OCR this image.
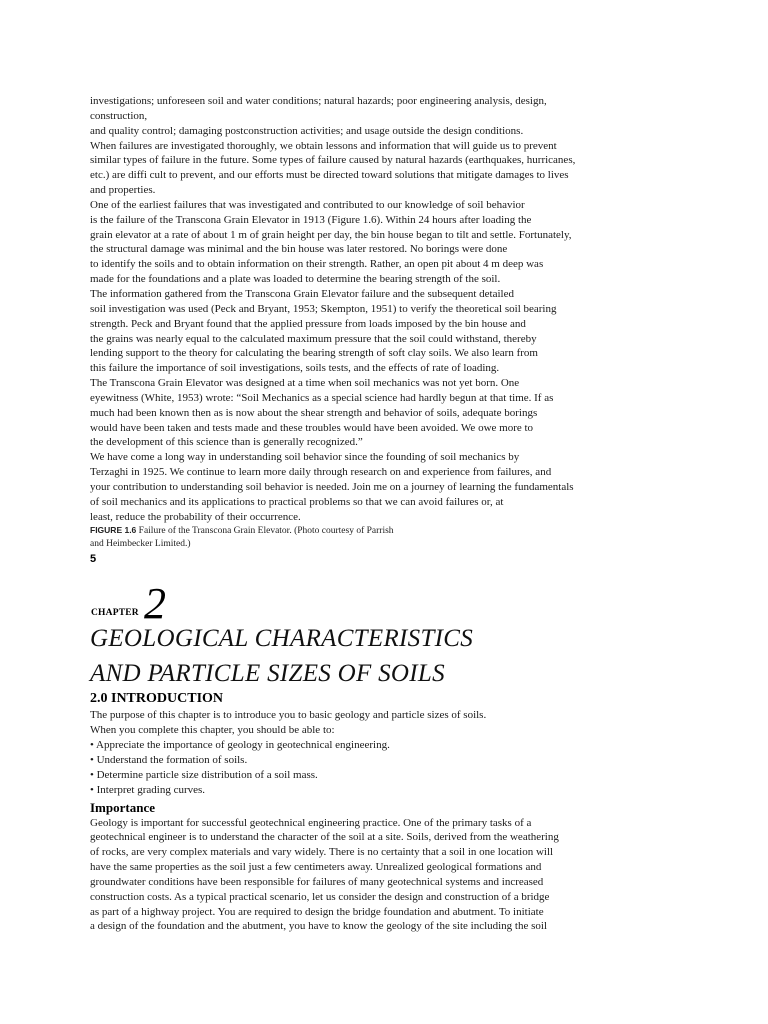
investigations; unforeseen soil and water conditions; natural hazards; poor engineering analysis, design,
construction,
and quality control; damaging postconstruction activities; and usage outside the design conditions.
When failures are investigated thoroughly, we obtain lessons and information that will guide us to prevent
similar types of failure in the future. Some types of failure caused by natural hazards (earthquakes, hurricanes,
etc.) are diffi cult to prevent, and our efforts must be directed toward solutions that mitigate damages to lives
and properties.
One of the earliest failures that was investigated and contributed to our knowledge of soil behavior
is the failure of the Transcona Grain Elevator in 1913 (Figure 1.6). Within 24 hours after loading the
grain elevator at a rate of about 1 m of grain height per day, the bin house began to tilt and settle. Fortunately,
the structural damage was minimal and the bin house was later restored. No borings were done
to identify the soils and to obtain information on their strength. Rather, an open pit about 4 m deep was
made for the foundations and a plate was loaded to determine the bearing strength of the soil.
The information gathered from the Transcona Grain Elevator failure and the subsequent detailed
soil investigation was used (Peck and Bryant, 1953; Skempton, 1951) to verify the theoretical soil bearing
strength. Peck and Bryant found that the applied pressure from loads imposed by the bin house and
the grains was nearly equal to the calculated maximum pressure that the soil could withstand, thereby
lending support to the theory for calculating the bearing strength of soft clay soils. We also learn from
this failure the importance of soil investigations, soils tests, and the effects of rate of loading.
The Transcona Grain Elevator was designed at a time when soil mechanics was not yet born. One
eyewitness (White, 1953) wrote: “Soil Mechanics as a special science had hardly begun at that time. If as
much had been known then as is now about the shear strength and behavior of soils, adequate borings
would have been taken and tests made and these troubles would have been avoided. We owe more to
the development of this science than is generally recognized.”
We have come a long way in understanding soil behavior since the founding of soil mechanics by
Terzaghi in 1925. We continue to learn more daily through research on and experience from failures, and
your contribution to understanding soil behavior is needed. Join me on a journey of learning the fundamentals
of soil mechanics and its applications to practical problems so that we can avoid failures or, at
least, reduce the probability of their occurrence.
FIGURE 1.6 Failure of the Transcona Grain Elevator. (Photo courtesy of Parrish
and Heimbecker Limited.)
5
CHAPTER 2
GEOLOGICAL CHARACTERISTICS
AND PARTICLE SIZES OF SOILS
2.0 INTRODUCTION
The purpose of this chapter is to introduce you to basic geology and particle sizes of soils.
When you complete this chapter, you should be able to:
• Appreciate the importance of geology in geotechnical engineering.
• Understand the formation of soils.
• Determine particle size distribution of a soil mass.
• Interpret grading curves.
Importance
Geology is important for successful geotechnical engineering practice. One of the primary tasks of a
geotechnical engineer is to understand the character of the soil at a site. Soils, derived from the weathering
of rocks, are very complex materials and vary widely. There is no certainty that a soil in one location will
have the same properties as the soil just a few centimeters away. Unrealized geological formations and
groundwater conditions have been responsible for failures of many geotechnical systems and increased
construction costs. As a typical practical scenario, let us consider the design and construction of a bridge
as part of a highway project. You are required to design the bridge foundation and abutment. To initiate
a design of the foundation and the abutment, you have to know the geology of the site including the soil
